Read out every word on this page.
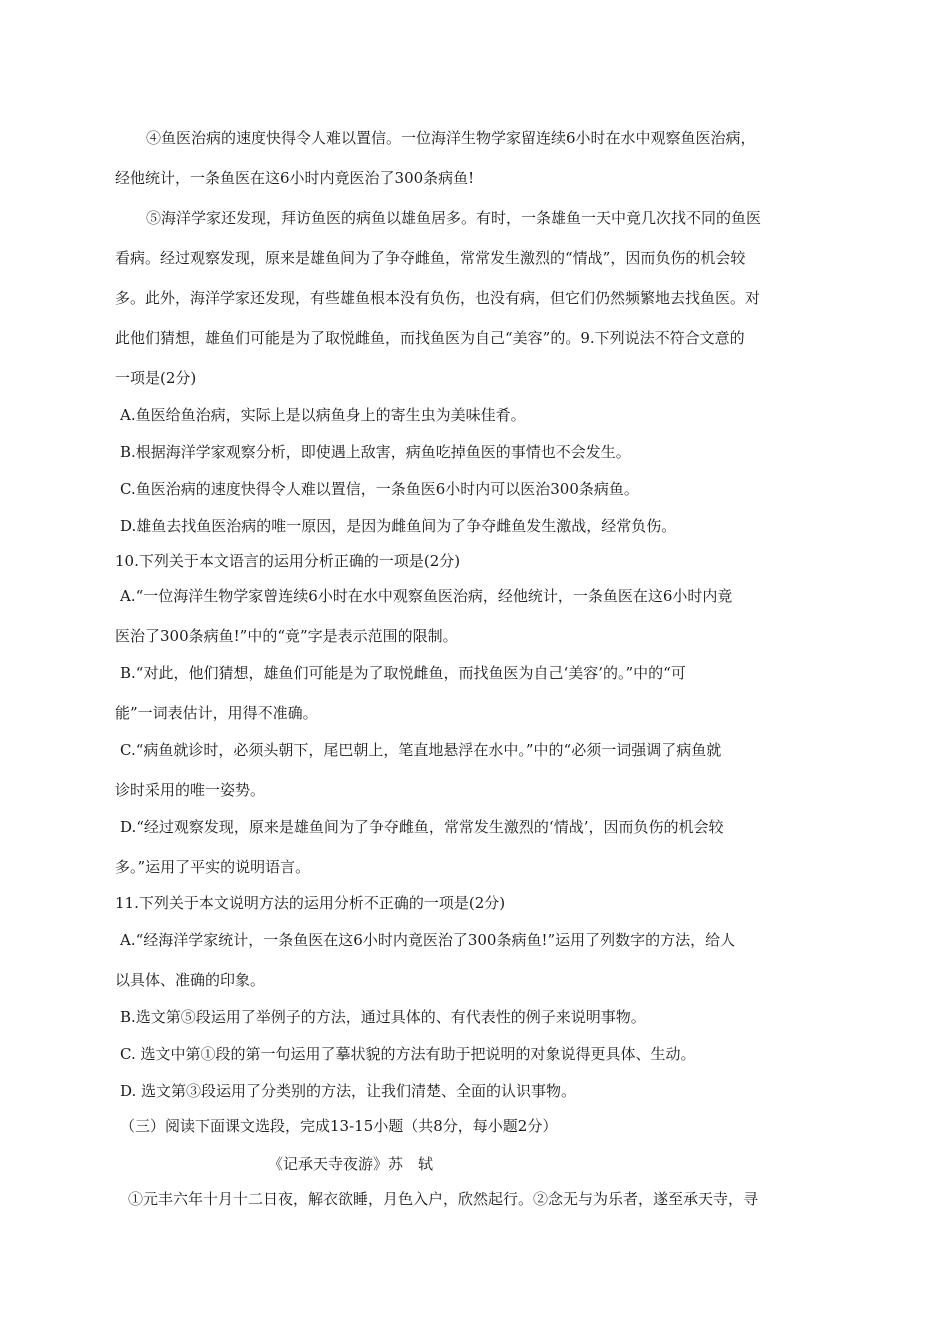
④鱼医治病的速度快得令人难以置信。一位海洋生物学家留连续6小时在水中观察鱼医治病，
经他统计，一条鱼医在这6小时内竟医治了300条病鱼!
⑤海洋学家还发现，拜访鱼医的病鱼以雄鱼居多。有时，一条雄鱼一天中竟几次找不同的鱼医
看病。经过观察发现，原来是雄鱼间为了争夺雌鱼，常常发生激烈的“情战”，因而负伤的机会较
多。此外，海洋学家还发现，有些雄鱼根本没有负伤，也没有病，但它们仍然频繁地去找鱼医。对
此他们猜想，雄鱼们可能是为了取悦雌鱼，而找鱼医为自己“美容”的。9.下列说法不符合文意的
一项是(2分)
A.鱼医给鱼治病，实际上是以病鱼身上的寄生虫为美味佳肴。
B.根据海洋学家观察分析，即使遇上敌害，病鱼吃掉鱼医的事情也不会发生。
C.鱼医治病的速度快得令人难以置信，一条鱼医6小时内可以医治300条病鱼。
D.雄鱼去找鱼医治病的唯一原因，是因为雌鱼间为了争夺雌鱼发生激战，经常负伤。
10.下列关于本文语言的运用分析正确的一项是(2分)
A.“一位海洋生物学家曾连续6小时在水中观察鱼医治病，经他统计，一条鱼医在这6小时内竟
医治了300条病鱼!”中的“竟”字是表示范围的限制。
B.“对此，他们猜想，雄鱼们可能是为了取悦雌鱼，而找鱼医为自己‘美容’的。”中的“可
能”一词表估计，用得不准确。
C.“病鱼就诊时，必须头朝下，尾巴朝上，笔直地悬浮在水中。”中的“必须一词强调了病鱼就
诊时采用的唯一姿势。
D.“经过观察发现，原来是雄鱼间为了争夺雌鱼，常常发生激烈的‘情战’，因而负伤的机会较
多。”运用了平实的说明语言。
11.下列关于本文说明方法的运用分析不正确的一项是(2分)
A.“经海洋学家统计，一条鱼医在这6小时内竟医治了300条病鱼!”运用了列数字的方法，给人
以具体、准确的印象。
B.选文第⑤段运用了举例子的方法，通过具体的、有代表性的例子来说明事物。
C. 选文中第①段的第一句运用了摹状貌的方法有助于把说明的对象说得更具体、生动。
D. 选文第③段运用了分类别的方法，让我们清楚、全面的认识事物。
（三）阅读下面课文选段，完成13-15小题（共8分，每小题2分）
《记承天寺夜游》苏　轼
①元丰六年十月十二日夜，解衣欲睡，月色入户，欣然起行。②念无与为乐者，遂至承天寺，寻
